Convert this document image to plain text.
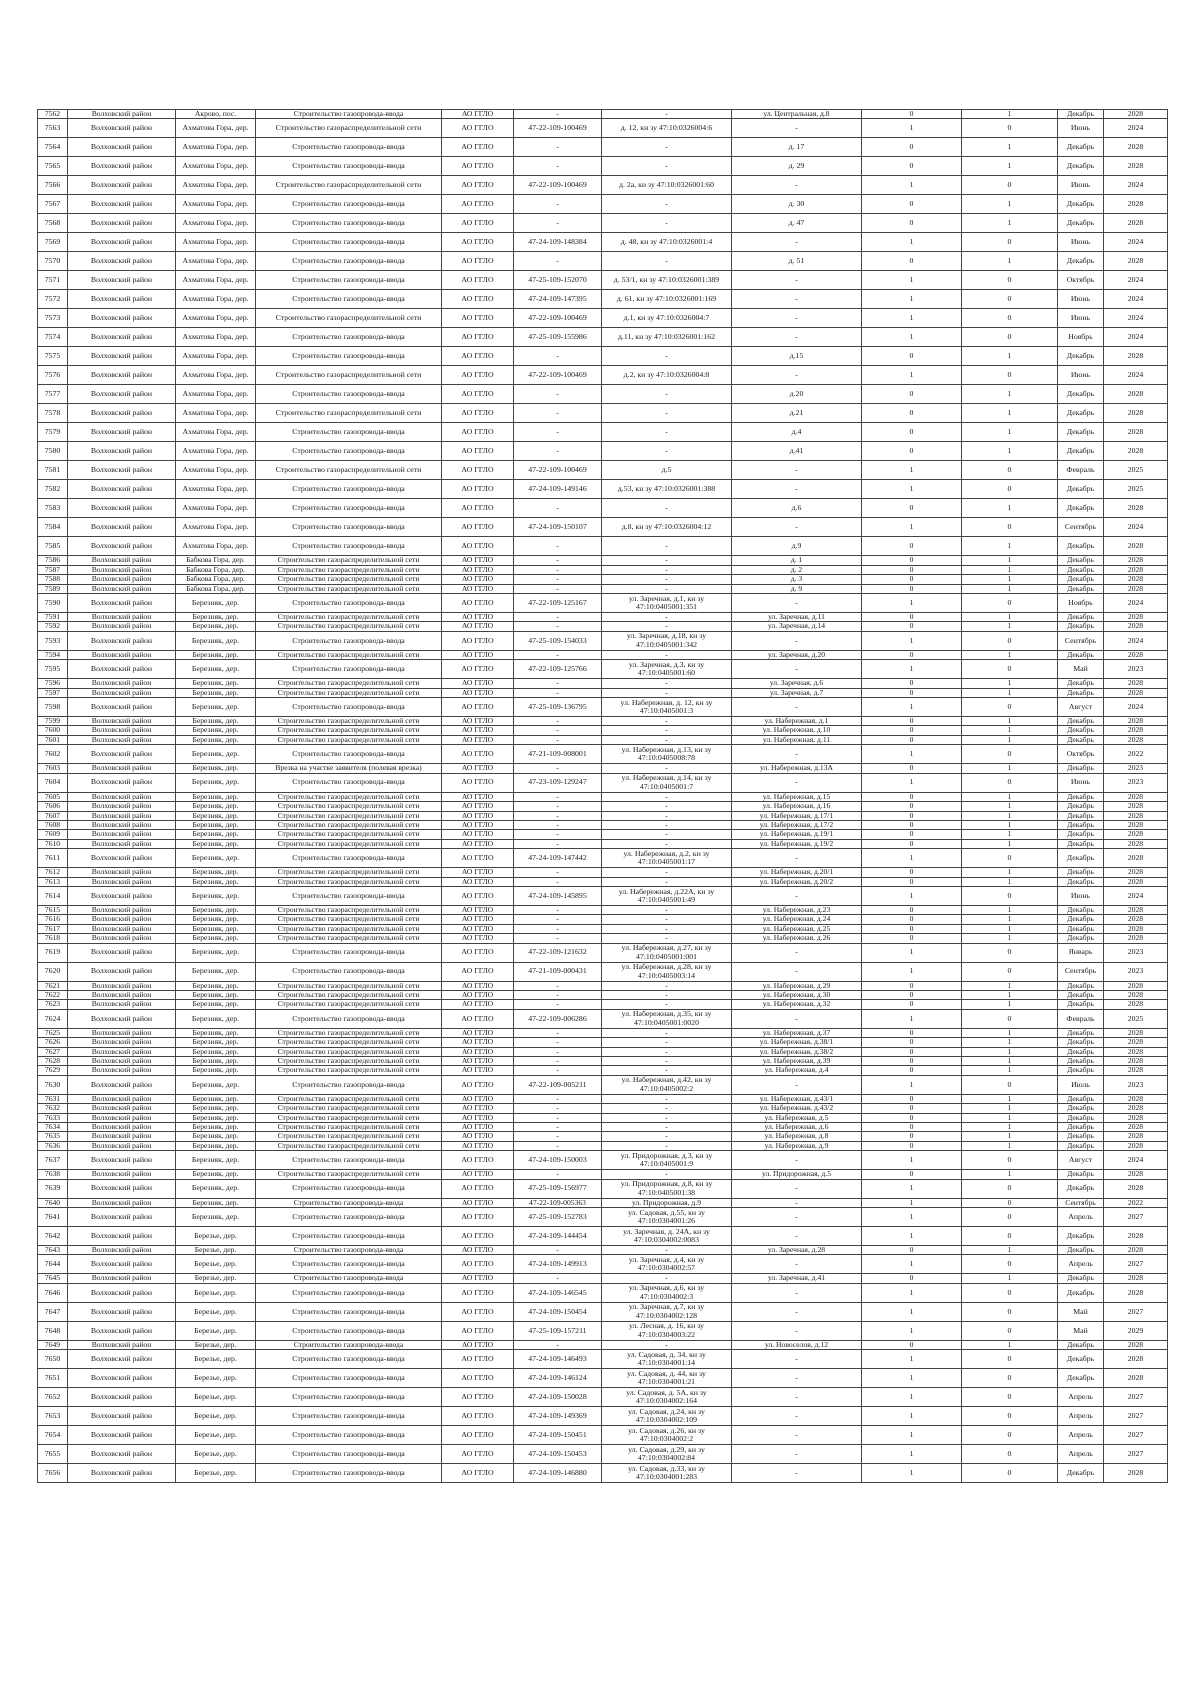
7562	Волховский район	Акрово, пос.	Строительство газопровода-ввода	АО ГГЛО	-	-	ул. Центральная, д.8	0	1	Декабрь	2028
7563	Волховский район	Ахматова Гора, дер.	Строительство газораспределительной сети	АО ГГЛО	47-22-109-100469	д. 12, кн зу 47:10:0326004:6	-	1	0	Июнь	2024
7564	Волховский район	Ахматова Гора, дер.	Строительство газопровода-ввода	АО ГГЛО	-	-	д. 17	0	1	Декабрь	2028
7565	Волховский район	Ахматова Гора, дер.	Строительство газопровода-ввода	АО ГГЛО	-	-	д. 29	0	1	Декабрь	2028
7566	Волховский район	Ахматова Гора, дер.	Строительство газораспределительной сети	АО ГГЛО	47-22-109-100469	д. 2а, кн зу 47:10:0326001:60	-	1	0	Июнь	2024
7567	Волховский район	Ахматова Гора, дер.	Строительство газопровода-ввода	АО ГГЛО	-	-	д. 30	0	1	Декабрь	2028
7568	Волховский район	Ахматова Гора, дер.	Строительство газопровода-ввода	АО ГГЛО	-	-	д. 47	0	1	Декабрь	2028
7569	Волховский район	Ахматова Гора, дер.	Строительство газопровода-ввода	АО ГГЛО	47-24-109-148384	д. 48, кн зу 47:10:0326001:4	-	1	0	Июнь	2024
7570	Волховский район	Ахматова Гора, дер.	Строительство газопровода-ввода	АО ГГЛО	-	-	д. 51	0	1	Декабрь	2028
7571	Волховский район	Ахматова Гора, дер.	Строительство газопровода-ввода	АО ГГЛО	47-25-109-152070	д. 53/1, кн зу 47:10:0326001:389	-	1	0	Октябрь	2024
7572	Волховский район	Ахматова Гора, дер.	Строительство газопровода-ввода	АО ГГЛО	47-24-109-147395	д. 61, кн зу 47:10:0326001:169	-	1	0	Июнь	2024
7573	Волховский район	Ахматова Гора, дер.	Строительство газораспределительной сети	АО ГГЛО	47-22-109-100469	д.1, кн зу 47:10:0326004:7	-	1	0	Июнь	2024
7574	Волховский район	Ахматова Гора, дер.	Строительство газопровода-ввода	АО ГГЛО	47-25-109-155986	д.11, кн зу 47:10:0326001:162	-	1	0	Ноябрь	2024
7575	Волховский район	Ахматова Гора, дер.	Строительство газопровода-ввода	АО ГГЛО	-	-	д.15	0	1	Декабрь	2028
7576	Волховский район	Ахматова Гора, дер.	Строительство газораспределительной сети	АО ГГЛО	47-22-109-100469	д.2, кн зу 47:10:0326004:8	-	1	0	Июнь	2024
7577	Волховский район	Ахматова Гора, дер.	Строительство газопровода-ввода	АО ГГЛО	-	-	д.20	0	1	Декабрь	2028
7578	Волховский район	Ахматова Гора, дер.	Строительство газораспределительной сети	АО ГГЛО	-	-	д.21	0	1	Декабрь	2028
7579	Волховский район	Ахматова Гора, дер.	Строительство газопровода-ввода	АО ГГЛО	-	-	д.4	0	1	Декабрь	2028
7580	Волховский район	Ахматова Гора, дер.	Строительство газопровода-ввода	АО ГГЛО	-	-	д.41	0	1	Декабрь	2028
7581	Волховский район	Ахматова Гора, дер.	Строительство газораспределительной сети	АО ГГЛО	47-22-109-100469	д.5	-	1	0	Февраль	2025
7582	Волховский район	Ахматова Гора, дер.	Строительство газопровода-ввода	АО ГГЛО	47-24-109-149146	д.53, кн зу 47:10:0326001:388	-	1	0	Декабрь	2025
7583	Волховский район	Ахматова Гора, дер.	Строительство газопровода-ввода	АО ГГЛО	-	-	д.6	0	1	Декабрь	2028
7584	Волховский район	Ахматова Гора, дер.	Строительство газопровода-ввода	АО ГГЛО	47-24-109-150107	д.8, кн зу 47:10:0326004:12	-	1	0	Сентябрь	2024
7585	Волховский район	Ахматова Гора, дер.	Строительство газопровода-ввода	АО ГГЛО	-	-	д.9	0	1	Декабрь	2028
7586	Волховский район	Бабкова Гора, дер.	Строительство газораспределительной сети	АО ГГЛО	-	-	д. 1	0	1	Декабрь	2028
7587	Волховский район	Бабкова Гора, дер.	Строительство газораспределительной сети	АО ГГЛО	-	-	д. 2	0	1	Декабрь	2028
7588	Волховский район	Бабкова Гора, дер.	Строительство газораспределительной сети	АО ГГЛО	-	-	д. 3	0	1	Декабрь	2028
7589	Волховский район	Бабкова Гора, дер.	Строительство газораспределительной сети	АО ГГЛО	-	-	д. 9	0	1	Декабрь	2028
7590	Волховский район	Березняк, дер.	Строительство газопровода-ввода	АО ГГЛО	47-22-109-125167	ул. Заречная, д.1, кн зу 47:10:0405001:351	-	1	0	Ноябрь	2024
7591	Волховский район	Березняк, дер.	Строительство газораспределительной сети	АО ГГЛО	-	-	ул. Заречная, д.11	0	1	Декабрь	2028
7592	Волховский район	Березняк, дер.	Строительство газораспределительной сети	АО ГГЛО	-	-	ул. Заречная, д.14	0	1	Декабрь	2028
7593	Волховский район	Березняк, дер.	Строительство газопровода-ввода	АО ГГЛО	47-25-109-154033	ул. Заречная, д.18, кн зу 47:10:0405001:342	-	1	0	Сентябрь	2024
7594	Волховский район	Березняк, дер.	Строительство газораспределительной сети	АО ГГЛО	-	-	ул. Заречная, д.20	0	1	Декабрь	2028
7595	Волховский район	Березняк, дер.	Строительство газопровода-ввода	АО ГГЛО	47-22-109-125766	ул. Заречная, д.3, кн зу 47:10:0405001:60	-	1	0	Май	2023
7596	Волховский район	Березняк, дер.	Строительство газораспределительной сети	АО ГГЛО	-	-	ул. Заречная, д.6	0	1	Декабрь	2028
7597	Волховский район	Березняк, дер.	Строительство газораспределительной сети	АО ГГЛО	-	-	ул. Заречная, д.7	0	1	Декабрь	2028
7598	Волховский район	Березняк, дер.	Строительство газопровода-ввода	АО ГГЛО	47-25-109-136795	ул. Набережная, д. 12, кн зу 47:10:0405001:3	-	1	0	Август	2024
7599	Волховский район	Березняк, дер.	Строительство газораспределительной сети	АО ГГЛО	-	-	ул. Набережная, д.1	0	1	Декабрь	2028
7600	Волховский район	Березняк, дер.	Строительство газораспределительной сети	АО ГГЛО	-	-	ул. Набережная, д.10	0	1	Декабрь	2028
7601	Волховский район	Березняк, дер.	Строительство газораспределительной сети	АО ГГЛО	-	-	ул. Набережная, д.11	0	1	Декабрь	2028
7602	Волховский район	Березняк, дер.	Строительство газопровода-ввода	АО ГГЛО	47-21-109-008001	ул. Набережная, д.13, кн зу 47:10:0405008:78	-	1	0	Октябрь	2022
7603	Волховский район	Березняк, дер.	Врезка на участке заявителя (полевая врезка)	АО ГГЛО	-	-	ул. Набережная, д.13А	0	1	Декабрь	2023
7604	Волховский район	Березняк, дер.	Строительство газопровода-ввода	АО ГГЛО	47-23-109-129247	ул. Набережная, д.14, кн зу 47:10:0405001:7	-	1	0	Июнь	2023
7605	Волховский район	Березняк, дер.	Строительство газораспределительной сети	АО ГГЛО	-	-	ул. Набережная, д.15	0	1	Декабрь	2028
7606	Волховский район	Березняк, дер.	Строительство газораспределительной сети	АО ГГЛО	-	-	ул. Набережная, д.16	0	1	Декабрь	2028
7607	Волховский район	Березняк, дер.	Строительство газораспределительной сети	АО ГГЛО	-	-	ул. Набережная, д.17/1	0	1	Декабрь	2028
7608	Волховский район	Березняк, дер.	Строительство газораспределительной сети	АО ГГЛО	-	-	ул. Набережная, д.17/2	0	1	Декабрь	2028
7609	Волховский район	Березняк, дер.	Строительство газораспределительной сети	АО ГГЛО	-	-	ул. Набережная, д.19/1	0	1	Декабрь	2028
7610	Волховский район	Березняк, дер.	Строительство газораспределительной сети	АО ГГЛО	-	-	ул. Набережная, д.19/2	0	1	Декабрь	2028
7611	Волховский район	Березняк, дер.	Строительство газопровода-ввода	АО ГГЛО	47-24-109-147442	ул. Набережная, д.2, кн зу 47:10:0405001:17	-	1	0	Декабрь	2028
7612	Волховский район	Березняк, дер.	Строительство газораспределительной сети	АО ГГЛО	-	-	ул. Набережная, д.20/1	0	1	Декабрь	2028
7613	Волховский район	Березняк, дер.	Строительство газораспределительной сети	АО ГГЛО	-	-	ул. Набережная, д.20/2	0	1	Декабрь	2028
7614	Волховский район	Березняк, дер.	Строительство газопровода-ввода	АО ГГЛО	47-24-109-145895	ул. Набережная, д.22А, кн зу 47:10:0405001:49	-	1	0	Июнь	2024
7615	Волховский район	Березняк, дер.	Строительство газораспределительной сети	АО ГГЛО	-	-	ул. Набережная, д.23	0	1	Декабрь	2028
7616	Волховский район	Березняк, дер.	Строительство газораспределительной сети	АО ГГЛО	-	-	ул. Набережная, д.24	0	1	Декабрь	2028
7617	Волховский район	Березняк, дер.	Строительство газораспределительной сети	АО ГГЛО	-	-	ул. Набережная, д.25	0	1	Декабрь	2028
7618	Волховский район	Березняк, дер.	Строительство газораспределительной сети	АО ГГЛО	-	-	ул. Набережная, д.26	0	1	Декабрь	2028
7619	Волховский район	Березняк, дер.	Строительство газопровода-ввода	АО ГГЛО	47-22-109-121632	ул. Набережная, д.27, кн зу 47:10:0405001:001	-	1	0	Январь	2023
7620	Волховский район	Березняк, дер.	Строительство газопровода-ввода	АО ГГЛО	47-21-109-000431	ул. Набережная, д.28, кн зу 47:10:0405003:14	-	1	0	Сентябрь	2023
7621	Волховский район	Березняк, дер.	Строительство газораспределительной сети	АО ГГЛО	-	-	ул. Набережная, д.29	0	1	Декабрь	2028
7622	Волховский район	Березняк, дер.	Строительство газораспределительной сети	АО ГГЛО	-	-	ул. Набережная, д.30	0	1	Декабрь	2028
7623	Волховский район	Березняк, дер.	Строительство газораспределительной сети	АО ГГЛО	-	-	ул. Набережная, д.32	0	1	Декабрь	2028
7624	Волховский район	Березняк, дер.	Строительство газопровода-ввода	АО ГГЛО	47-22-109-006286	ул. Набережная, д.35, кн зу 47:10:0405001:0020	-	1	0	Февраль	2025
7625	Волховский район	Березняк, дер.	Строительство газораспределительной сети	АО ГГЛО	-	-	ул. Набережная, д.37	0	1	Декабрь	2028
7626	Волховский район	Березняк, дер.	Строительство газораспределительной сети	АО ГГЛО	-	-	ул. Набережная, д.38/1	0	1	Декабрь	2028
7627	Волховский район	Березняк, дер.	Строительство газораспределительной сети	АО ГГЛО	-	-	ул. Набережная, д.38/2	0	1	Декабрь	2028
7628	Волховский район	Березняк, дер.	Строительство газораспределительной сети	АО ГГЛО	-	-	ул. Набережная, д.39	0	1	Декабрь	2028
7629	Волховский район	Березняк, дер.	Строительство газораспределительной сети	АО ГГЛО	-	-	ул. Набережная, д.4	0	1	Декабрь	2028
7630	Волховский район	Березняк, дер.	Строительство газопровода-ввода	АО ГГЛО	47-22-109-005211	ул. Набережная, д.42, кн зу 47:10:0405002:2	-	1	0	Июль	2023
7631	Волховский район	Березняк, дер.	Строительство газораспределительной сети	АО ГГЛО	-	-	ул. Набережная, д.43/1	0	1	Декабрь	2028
7632	Волховский район	Березняк, дер.	Строительство газораспределительной сети	АО ГГЛО	-	-	ул. Набережная, д.43/2	0	1	Декабрь	2028
7633	Волховский район	Березняк, дер.	Строительство газораспределительной сети	АО ГГЛО	-	-	ул. Набережная, д.5	0	1	Декабрь	2028
7634	Волховский район	Березняк, дер.	Строительство газораспределительной сети	АО ГГЛО	-	-	ул. Набережная, д.6	0	1	Декабрь	2028
7635	Волховский район	Березняк, дер.	Строительство газораспределительной сети	АО ГГЛО	-	-	ул. Набережная, д.8	0	1	Декабрь	2028
7636	Волховский район	Березняк, дер.	Строительство газораспределительной сети	АО ГГЛО	-	-	ул. Набережная, д.9	0	1	Декабрь	2028
7637	Волховский район	Березняк, дер.	Строительство газопровода-ввода	АО ГГЛО	47-24-109-150003	ул. Придорожная, д.3, кн зу 47:10:0405001:9	-	1	0	Август	2024
7638	Волховский район	Березняк, дер.	Строительство газораспределительной сети	АО ГГЛО	-	-	ул. Придорожная, д.5	0	1	Декабрь	2028
7639	Волховский район	Березняк, дер.	Строительство газопровода-ввода	АО ГГЛО	47-25-109-156977	ул. Придорожная, д.8, кн зу 47:10:0405001:38	-	1	0	Декабрь	2028
7640	Волховский район	Березняк, дер.	Строительство газопровода-ввода	АО ГГЛО	47-22-109-005363	ул. Придорожная, д.9	-	1	0	Сентябрь	2022
7641	Волховский район	Березняк, дер.	Строительство газопровода-ввода	АО ГГЛО	47-25-109-152783	ул. Садовая, д.55, кн зу 47:10:0304001:26	-	1	0	Апрель	2027
7642	Волховский район	Березье, дер.	Строительство газопровода-ввода	АО ГГЛО	47-24-109-144454	ул. Заречная, д. 24А, кн зу 47:10:0304002:0083	-	1	0	Декабрь	2028
7643	Волховский район	Березье, дер.	Строительство газопровода-ввода	АО ГГЛО	-	-	ул. Заречная, д.28	0	1	Декабрь	2028
7644	Волховский район	Березье, дер.	Строительство газопровода-ввода	АО ГГЛО	47-24-109-149913	ул. Заречная, д.4, кн зу 47:10:0304002:57	-	1	0	Апрель	2027
7645	Волховский район	Березье, дер.	Строительство газопровода-ввода	АО ГГЛО	-	-	ул. Заречная, д.41	0	1	Декабрь	2028
7646	Волховский район	Березье, дер.	Строительство газопровода-ввода	АО ГГЛО	47-24-109-146545	ул. Заречная, д.6, кн зу 47:10:0304002:3	-	1	0	Декабрь	2028
7647	Волховский район	Березье, дер.	Строительство газопровода-ввода	АО ГГЛО	47-24-109-150454	ул. Заречная, д.7, кн зу 47:10:0304002:128	-	1	0	Май	2027
7648	Волховский район	Березье, дер.	Строительство газопровода-ввода	АО ГГЛО	47-25-109-157211	ул. Лесная, д. 16, кн зу 47:10:0304003:22	-	1	0	Май	2029
7649	Волховский район	Березье, дер.	Строительство газопровода-ввода	АО ГГЛО	-	-	ул. Новоселов, д.12	0	1	Декабрь	2028
7650	Волховский район	Березье, дер.	Строительство газопровода-ввода	АО ГГЛО	47-24-109-146493	ул. Садовая, д. 34, кн зу 47:10:0304001:14	-	1	0	Декабрь	2028
7651	Волховский район	Березье, дер.	Строительство газопровода-ввода	АО ГГЛО	47-24-109-146124	ул. Садовая, д. 44, кн зу 47:10:0304001:21	-	1	0	Декабрь	2028
7652	Волховский район	Березье, дер.	Строительство газопровода-ввода	АО ГГЛО	47-24-109-150028	ул. Садовая, д. 5А, кн зу 47:10:0304002:164	-	1	0	Апрель	2027
7653	Волховский район	Березье, дер.	Строительство газопровода-ввода	АО ГГЛО	47-24-109-149369	ул. Садовая, д.24, кн зу 47:10:0304002:109	-	1	0	Апрель	2027
7654	Волховский район	Березье, дер.	Строительство газопровода-ввода	АО ГГЛО	47-24-109-150451	ул. Садовая, д.26, кн зу 47:10:0304002:2	-	1	0	Апрель	2027
7655	Волховский район	Березье, дер.	Строительство газопровода-ввода	АО ГГЛО	47-24-109-150453	ул. Садовая, д.29, кн зу 47:10:0304002:84	-	1	0	Апрель	2027
7656	Волховский район	Березье, дер.	Строительство газопровода-ввода	АО ГГЛО	47-24-109-146880	ул. Садовая, д.33, кн зу 47:10:0304001:283	-	1	0	Декабрь	2028
